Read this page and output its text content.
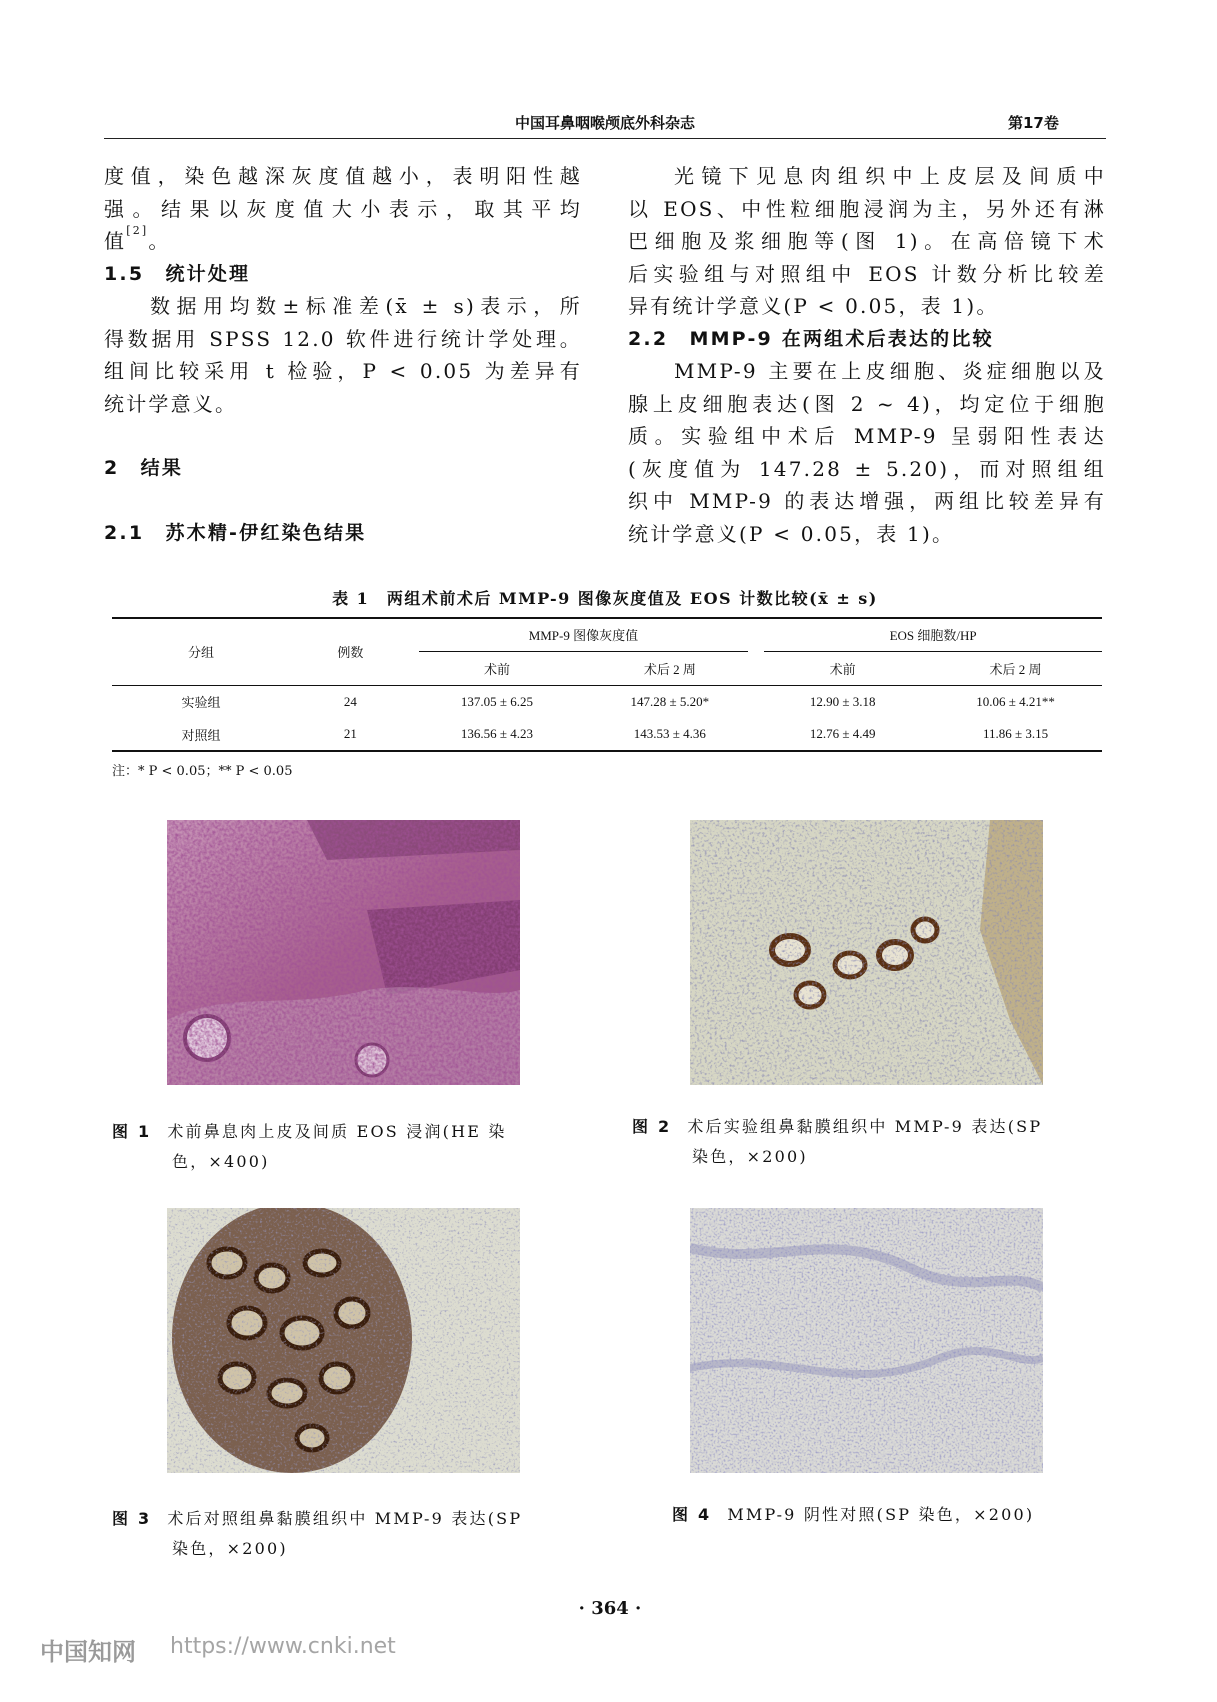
中国耳鼻咽喉颅底外科杂志	第17卷

度值，染色越深灰度值越小，表明阳性越

强。结果以灰度值大小表示，取其平均

值[2]。

1.5　统计处理

数据用均数±标准差(x̄ ± s)表示，所

得数据用 SPSS 12.0 软件进行统计学处理。

组间比较采用 t 检验，P < 0.05 为差异有

统计学意义。

2　结果

2.1　苏木精-伊红染色结果

光镜下见息肉组织中上皮层及间质中

以 EOS、中性粒细胞浸润为主，另外还有淋

巴细胞及浆细胞等(图 1)。在高倍镜下术

后实验组与对照组中 EOS 计数分析比较差

异有统计学意义(P < 0.05，表 1)。

2.2　MMP-9 在两组术后表达的比较

MMP-9 主要在上皮细胞、炎症细胞以及

腺上皮细胞表达(图 2 ~ 4)，均定位于细胞

质。实验组中术后 MMP-9 呈弱阳性表达

(灰度值为 147.28 ± 5.20)，而对照组组

织中 MMP-9 的表达增强，两组比较差异有

统计学意义(P < 0.05，表 1)。

表 1　两组术前术后 MMP-9 图像灰度值及 EOS 计数比较(x̄ ± s)
分组	例数	MMP-9 图像灰度值		EOS 细胞数/HP	

		术前	术后 2 周	术前	术后 2 周
实验组	24	137.05 ± 6.25	147.28 ± 5.20*	12.90 ± 3.18	10.06 ± 4.21**
对照组	21	136.56 ± 4.23	143.53 ± 4.36	12.76 ± 4.49	11.86 ± 3.15
注：* P < 0.05；** P < 0.05
图 1 术前鼻息肉上皮及间质 EOS 浸润(HE 染
色，×400)
图 2 术后实验组鼻黏膜组织中 MMP-9 表达(SP
染色，×200)
图 3 术后对照组鼻黏膜组织中 MMP-9 表达(SP
染色，×200)
图 4 MMP-9 阴性对照(SP 染色，×200)
· 364 ·
中国知网 https://www.cnki.net
